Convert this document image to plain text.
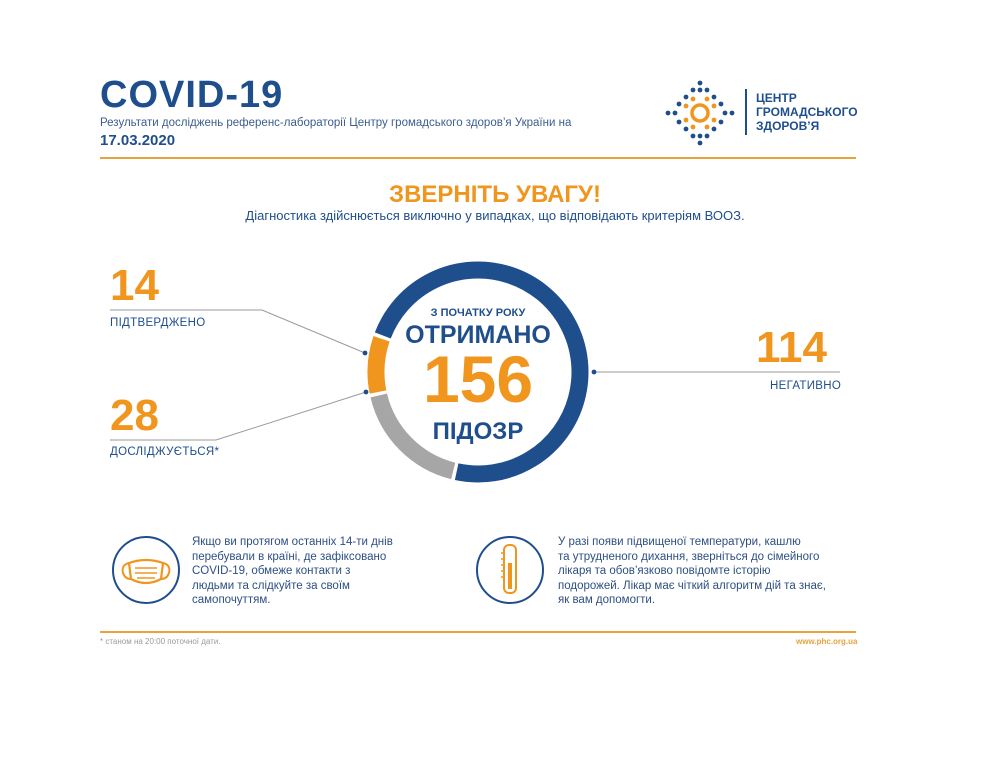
COVID-19
Результати досліджень референс-лабораторії Центру громадського здоров’я України на
17.03.2020
ЦЕНТР
ГРОМАДСЬКОГО
ЗДОРОВ’Я
ЗВЕРНІТЬ УВАГУ!
Діагностика здійснюється виключно у випадках, що відповідають критеріям ВООЗ.
14
ПІДТВЕРДЖЕНО
28
ДОСЛІДЖУЄТЬСЯ*
114
НЕГАТИВНО
З ПОЧАТКУ РОКУ
ОТРИМАНО
156
ПІДОЗР
Якщо ви протягом останніх 14-ти днів
перебували в країні, де зафіксовано
COVID-19, обмеже контакти з
людьми та слідкуйте за своїм
самопочуттям.
У разі появи підвищеної температури, кашлю
та утрудненого дихання, зверніться до сімейного
лікаря та обов’язково повідомте історію
подорожей. Лікар має чіткий алгоритм дій та знає,
як вам допомогти.
* станом на 20:00 поточної дати.	www.phc.org.ua
